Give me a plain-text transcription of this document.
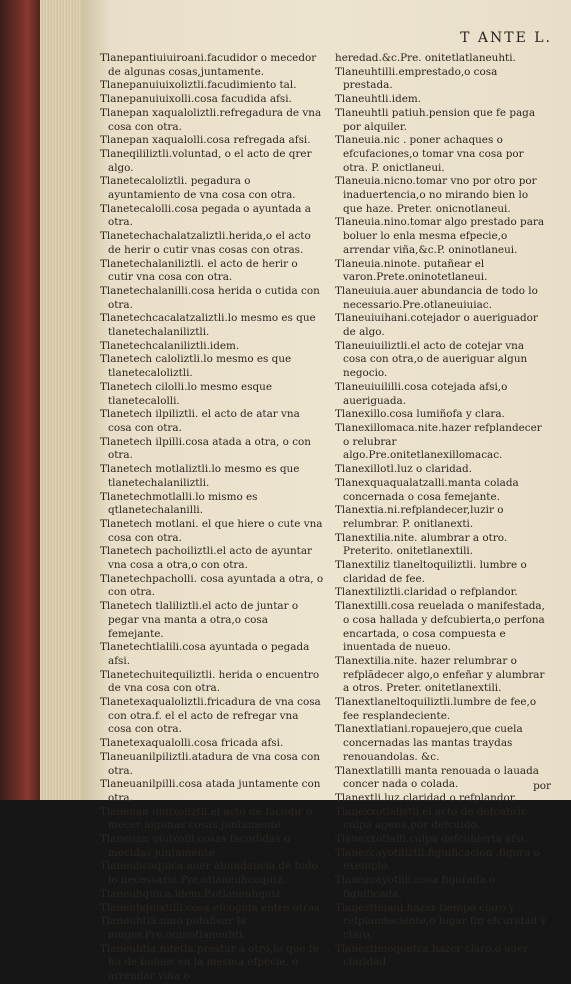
T ANTE L.
Tlanepantiuiuiroani.facudidor o mecedor de algunas cosas,juntamente.
Tlanepanuiuixoliztli.facudimiento tal.
Tlanepanuiuixolli.cosa facudida afsi.
Tlanepan xaqualoliztli.refregadura de vna cosa con otra.
Tlanepan xaqualolli.cosa refregada afsi.
Tlaneqililiztli.voluntad, o el acto de qrer algo.
Tlanetecaloliztli. pegadura o ayuntamiento de vna cosa con otra.
Tlanetecalolli.cosa pegada o ayuntada a otra.
Tlanetechachalatzaliztli.herida,o el acto de herir o cutir vnas cosas con otras.
Tlanetechalaniliztli. el acto de herir o cutir vna cosa con otra.
Tlanetechalanilli.cosa herida o cutida con otra.
Tlanetechcacalatzaliztli.lo mesmo es que tlanetechalaniliztli.
Tlanetechcalaniliztli.idem.
Tlanetech caloliztli.lo mesmo es que tlanetecaloliztli.
Tlanetech cilolli.lo mesmo esque tlanetecalolli.
Tlanetech ilpiliztli. el acto de atar vna cosa con otra.
Tlanetech ilpilli.cosa atada a otra, o con otra.
Tlanetech motlaliztli.lo mesmo es que tlanetechalaniliztli.
Tlanetechmotlalli.lo mismo es qtlanetechalanilli.
Tlanetech motlani. el que hiere o cute vna cosa con otra.
Tlanetech pachoiliztli.el acto de ayuntar vna cosa a otra,o con otra.
Tlanetechpacholli. cosa ayuntada a otra, o con otra.
Tlanetech tlaliliztli.el acto de juntar o pegar vna manta a otra,o cosa femejante.
Tlanetechtlalili.cosa ayuntada o pegada afsi.
Tlanetechuitequiliztli. herida o encuentro de vna cosa con otra.
Tlanetexaqualoliztli.fricadura de vna cosa con otra.f. el el acto de refregar vna cosa con otra.
Tlanetexaqualolli.cosa fricada afsi.
Tlaneuanilpiliztli.atadura de vna cosa con otra.
Tlaneuanilpilli.cosa atada juntamente con otra.
Tlaneuan uiuixoliztli.el acto de facudir o mecer algunas cosas juntamente.
Tlaneuan uiuixolli.cosas facudidas o mecidas juntamente.
Tlaneuhcaquica.auer abundancia de todo lo necessario.Pre.otlaneuhcaquiz.
Tlaneuhquica.idem.P.otlaneuhquiz.
Tlaneuhquixtilli.cosa efcogida entre otras.
Tlaneuhtia.nino.putañear la muger.Pre.oninotlaneuhti.
Tlaneuhtia.nitetla.prestar a otro,lo que fe ha de boluer en la mesma efpecie, o arrendar viña o
heredad.&c.Pre. onitetlatlaneuhti.
Tlaneuhtilli.emprestado,o cosa prestada.
Tlaneuhtli.idem.
Tlaneuhtli patiuh.pension que fe paga por alquiler.
Tlaneuia.nic . poner achaques o efcufaciones,o tomar vna cosa por otra. P. onictlaneui.
Tlaneuia.nicno.tomar vno por otro por inaduertencia,o no mirando bien lo que haze. Preter. onicnotlaneui.
Tlaneuia.nino.tomar algo prestado para boluer lo enla mesma efpecie,o arrendar viña,&c.P. oninotlaneui.
Tlaneuia.ninote. putañear el varon.Prete.oninotetlaneui.
Tlaneuiuia.auer abundancia de todo lo necessario.Pre.otlaneuiuiac.
Tlaneuiuihani.cotejador o aueriguador de algo.
Tlaneuiuiliztli.el acto de cotejar vna cosa con otra,o de aueriguar algun negocio.
Tlaneuiuililli.cosa cotejada afsi,o aueriguada.
Tlanexillo.cosa lumiñofa y clara.
Tlanexillomaca.nite.hazer refplandecer o relubrar algo.Pre.onitetlanexillomacac.
Tlanexillotl.luz o claridad.
Tlanexquaqualatzalli.manta colada concernada o cosa femejante.
Tlanextia.ni.refplandecer,luzir o relumbrar. P. onitlanexti.
Tlanextilia.nite. alumbrar a otro. Preterito. onitetlanextili.
Tlanextiliz tlaneltoquiliztli. lumbre o claridad de fee.
Tlanextiliztli.claridad o refplandor.
Tlanextilli.cosa reuelada o manifestada, o cosa hallada y defcubierta,o perfona encartada, o cosa compuesta e inuentada de nueuo.
Tlanextilia.nite. hazer relumbrar o refplãdecer algo,o enfeñar y alumbrar a otros. Preter. onitetlanextili.
Tlanextlaneltoquiliztli.lumbre de fee,o fee resplandeciente.
Tlanextlatiani.ropauejero,que cuela concernadas las mantas traydas renouandolas. &c.
Tlanextlatilli manta renouada o lauada concer nada o colada.
Tlanextli.luz,claridad o refplandor.
Tlanexxotlaliztli.el acto de defcubrir culpa agena,por defcuido.
Tlanexxotlalli.culpa defcubierta afsi.
Tlanezcayotiliztli.fignificacion ,figura o exemplo.
Tlanezcayotilli.cosa figurada o fignificada.
Tlaneztimani.hazer tiempo claro y refplandeciente,o lugar fin efcuridad y claro.
Tlaneztimoquetza.hazer claro,o auer claridad
por
